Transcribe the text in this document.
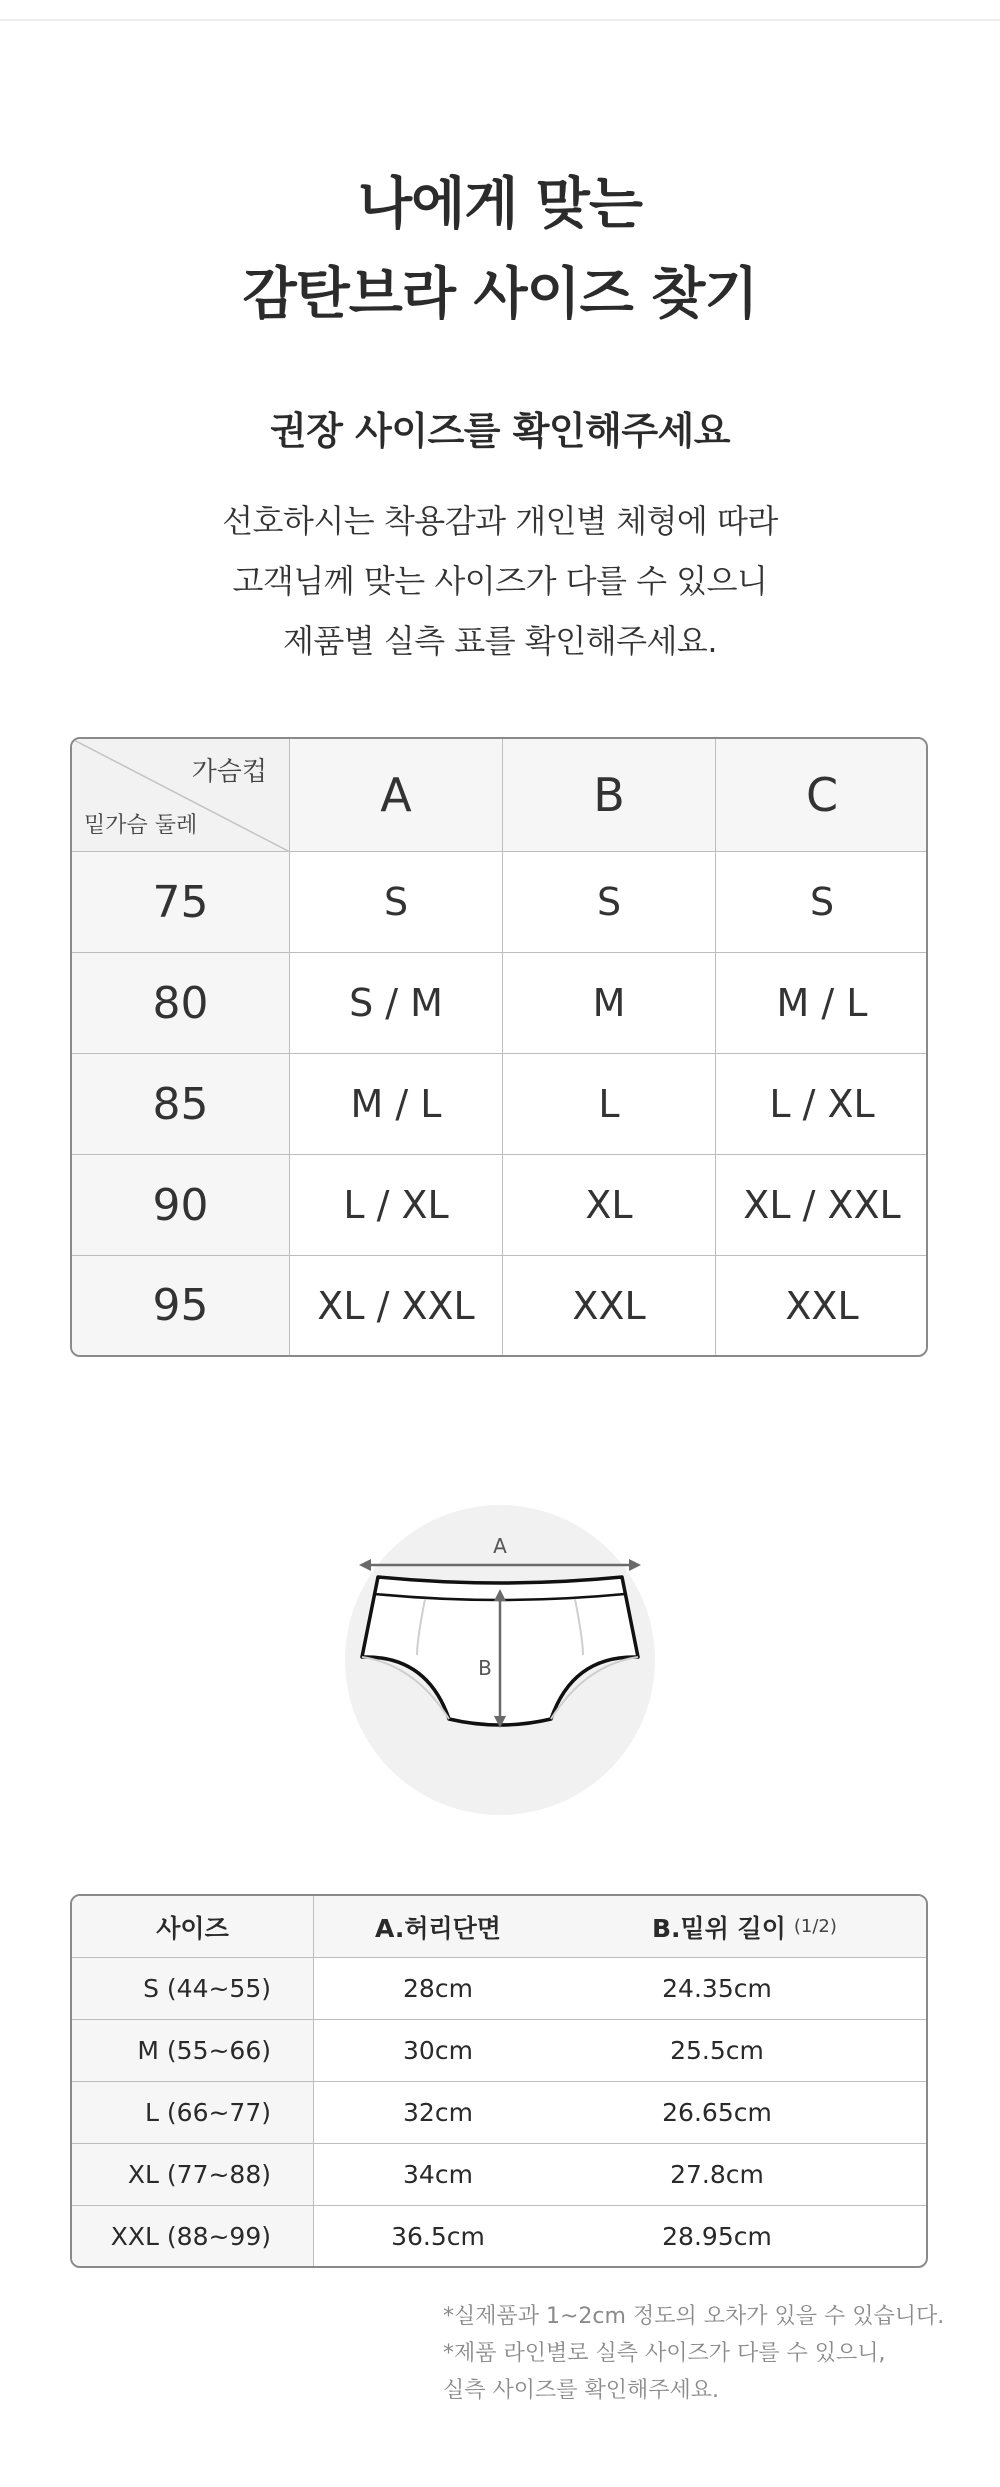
나에게 맞는
감탄브라 사이즈 찾기
권장 사이즈를 확인해주세요
선호하시는 착용감과 개인별 체형에 따라
고객님께 맞는 사이즈가 다를 수 있으니
제품별 실측 표를 확인해주세요.
가슴컵
밑가슴 둘레
A	B	C
75	S	S	S
80	S / M	M	M / L
85	M / L	L	L / XL
90	L / XL	XL	XL / XXL
95	XL / XXL	XXL	XXL
A
B
사이즈	A.허리단면	B.밑위 길이 (1/2)
S (44~55)	28cm	24.35cm
M (55~66)	30cm	25.5cm
L (66~77)	32cm	26.65cm
XL (77~88)	34cm	27.8cm
XXL (88~99)	36.5cm	28.95cm
*실제품과 1~2cm 정도의 오차가 있을 수 있습니다.
*제품 라인별로 실측 사이즈가 다를 수 있으니,
실측 사이즈를 확인해주세요.
